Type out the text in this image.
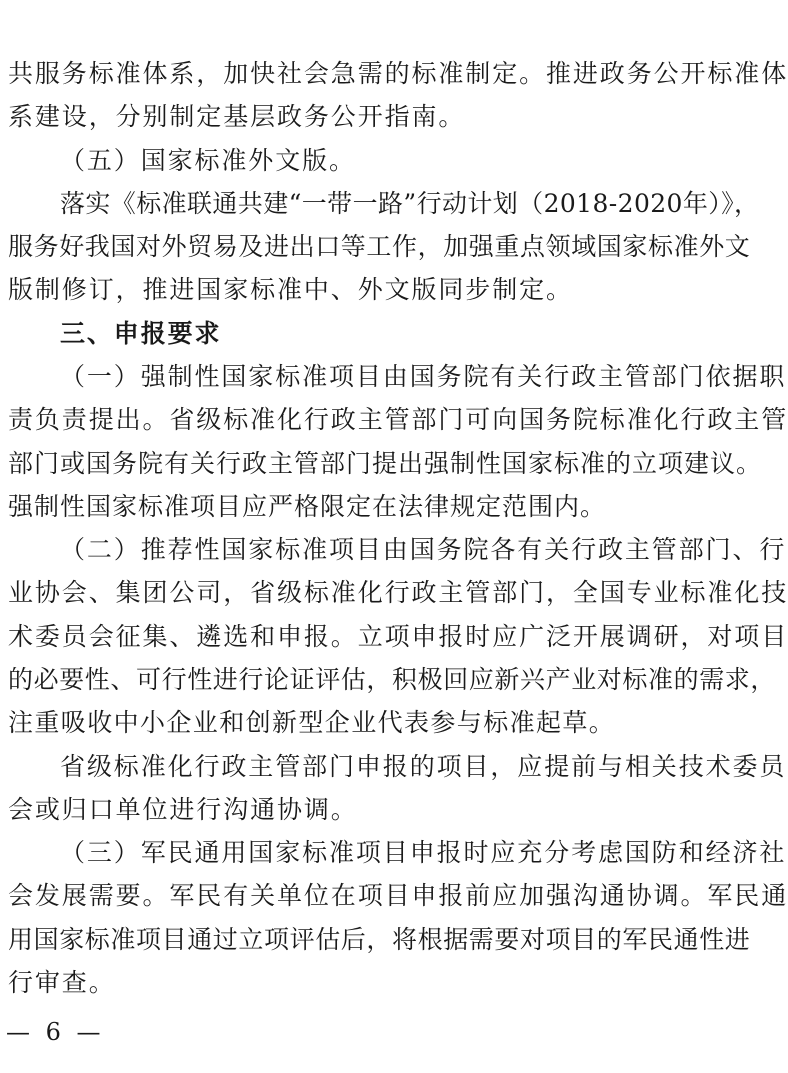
共服务标准体系，加快社会急需的标准制定。推进政务公开标准体
系建设，分别制定基层政务公开指南。
（五）国家标准外文版。
落实《标准联通共建“一带一路”行动计划（2018-2020年）》，
服务好我国对外贸易及进出口等工作，加强重点领域国家标准外文
版制修订，推进国家标准中、外文版同步制定。
三、申报要求
（一）强制性国家标准项目由国务院有关行政主管部门依据职
责负责提出。省级标准化行政主管部门可向国务院标准化行政主管
部门或国务院有关行政主管部门提出强制性国家标准的立项建议。
强制性国家标准项目应严格限定在法律规定范围内。
（二）推荐性国家标准项目由国务院各有关行政主管部门、行
业协会、集团公司，省级标准化行政主管部门，全国专业标准化技
术委员会征集、遴选和申报。立项申报时应广泛开展调研，对项目
的必要性、可行性进行论证评估，积极回应新兴产业对标准的需求，
注重吸收中小企业和创新型企业代表参与标准起草。
省级标准化行政主管部门申报的项目，应提前与相关技术委员
会或归口单位进行沟通协调。
（三）军民通用国家标准项目申报时应充分考虑国防和经济社
会发展需要。军民有关单位在项目申报前应加强沟通协调。军民通
用国家标准项目通过立项评估后，将根据需要对项目的军民通性进
行审查。
— 6 —
